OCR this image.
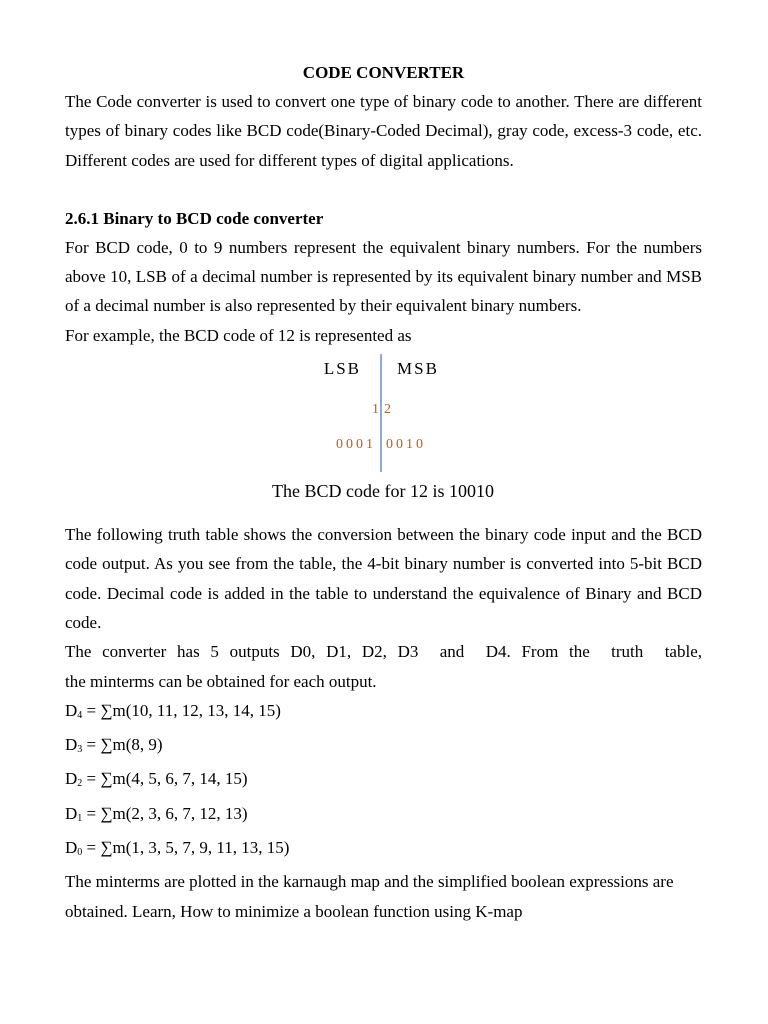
CODE CONVERTER

The Code converter is used to convert one type of binary code to another. There are different types of binary codes like BCD code(Binary-Coded Decimal), gray code, excess-3 code, etc. Different codes are used for different types of digital applications.

2.6.1 Binary to BCD code converter

For BCD code, 0 to 9 numbers represent the equivalent binary numbers. For the numbers above 10, LSB of a decimal number is represented by its equivalent binary number and MSB of a decimal number is also represented by their equivalent binary numbers.

For example, the BCD code of 12 is represented as

LSB MSB
1 2
0001 0010
The BCD code for 12 is 10010

The following truth table shows the conversion between the binary code input and the BCD code output. As you see from the table, the 4-bit binary number is converted into 5-bit BCD code. Decimal code is added in the table to understand the equivalence of Binary and BCD code.

The converter has 5 outputs D0, D1, D2, D3  and  D4. From the  truth  table,

the minterms can be obtained for each output.

$D_4 = \sum m(10$, 11, 12, 13, 14, 15)

$D_3 = \sum m(8$, 9)

$D_2 = \sum m(4$, 5, 6, 7, 14, 15)

$D_1 = \sum m(2$, 3, 6, 7, 12, 13)

$D_0 = \sum m(1$, 3, 5, 7, 9, 11, 13, 15)

The minterms are plotted in the karnaugh map and the simplified boolean expressions are obtained. Learn, How to minimize a boolean function using K-map
